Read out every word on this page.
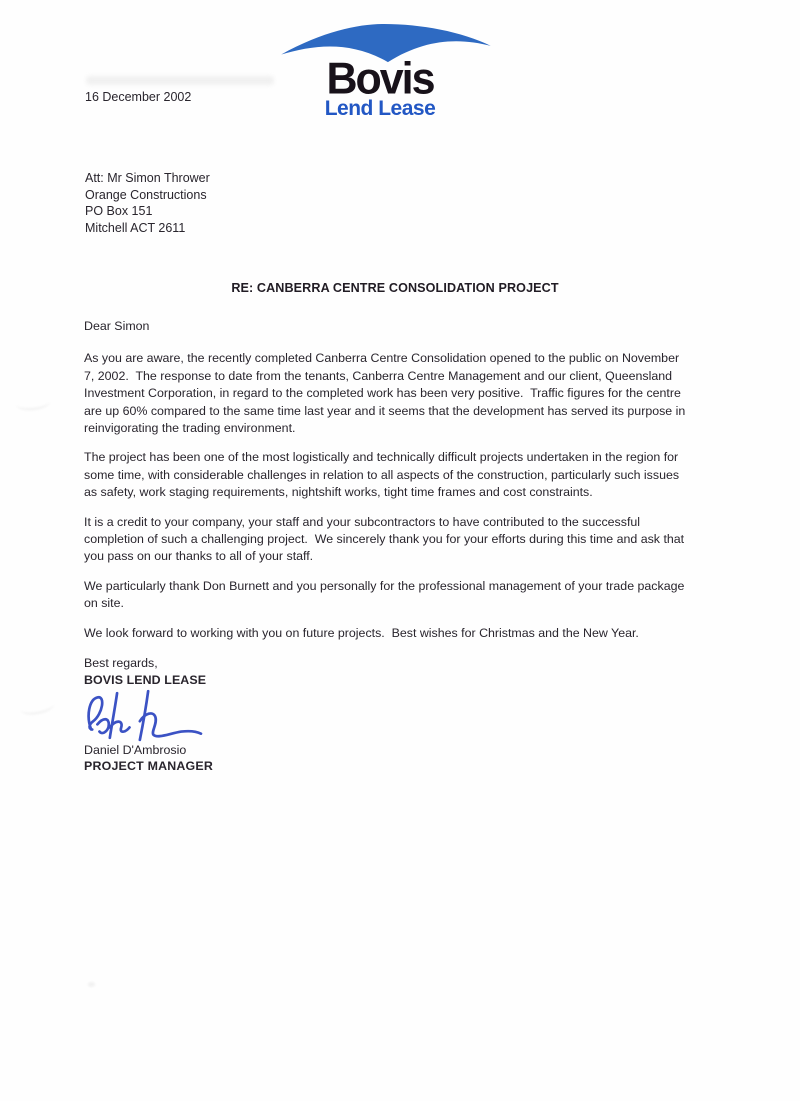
Bovis
Lend Lease
16 December 2002
Att: Mr Simon Thrower
Orange Constructions
PO Box 151
Mitchell ACT 2611
RE: CANBERRA CENTRE CONSOLIDATION PROJECT

Dear Simon

As you are aware, the recently completed Canberra Centre Consolidation opened to the public on November 7, 2002.  The response to date from the tenants, Canberra Centre Management and our client, Queensland Investment Corporation, in regard to the completed work has been very positive.  Traffic figures for the centre are up 60% compared to the same time last year and it seems that the development has served its purpose in reinvigorating the trading environment.

The project has been one of the most logistically and technically difficult projects undertaken in the region for some time, with considerable challenges in relation to all aspects of the construction, particularly such issues as safety, work staging requirements, nightshift works, tight time frames and cost constraints.

It is a credit to your company, your staff and your subcontractors to have contributed to the successful completion of such a challenging project.  We sincerely thank you for your efforts during this time and ask that you pass on our thanks to all of your staff.

We particularly thank Don Burnett and you personally for the professional management of your trade package on site.

We look forward to working with you on future projects.  Best wishes for Christmas and the New Year.

Best regards,
BOVIS LEND LEASE
Daniel D'Ambrosio
PROJECT MANAGER
